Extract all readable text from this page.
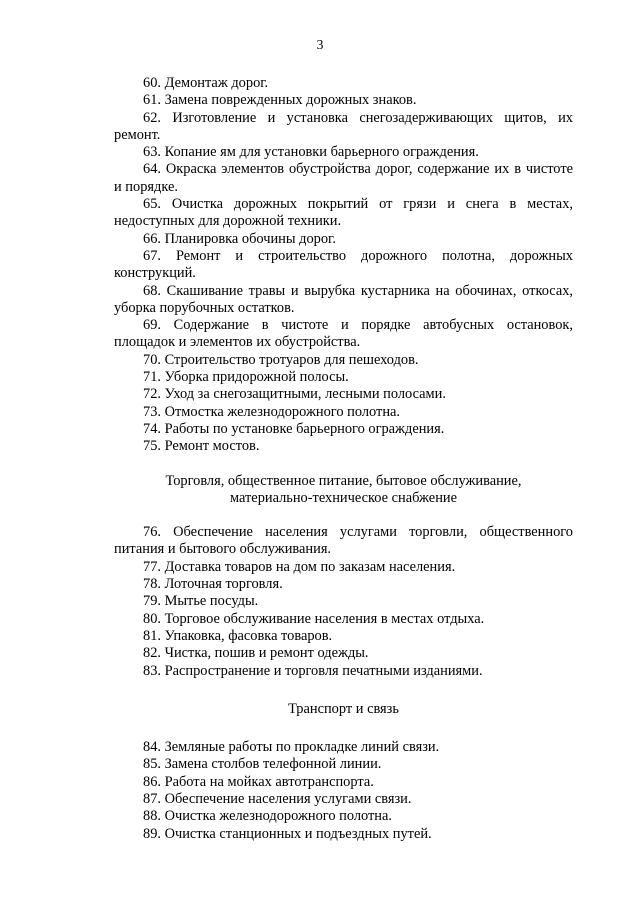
3
60. Демонтаж дорог.
61. Замена поврежденных дорожных знаков.
62. Изготовление и установка снегозадерживающих щитов, их ремонт.
63. Копание ям для установки барьерного ограждения.
64. Окраска элементов обустройства дорог, содержание их в чистоте и порядке.
65. Очистка дорожных покрытий от грязи и снега в местах, недоступных для дорожной техники.
66. Планировка обочины дорог.
67. Ремонт и строительство дорожного полотна, дорожных конструкций.
68. Скашивание травы и вырубка кустарника на обочинах, откосах, уборка порубочных остатков.
69. Содержание в чистоте и порядке автобусных остановок, площадок и элементов их обустройства.
70. Строительство тротуаров для пешеходов.
71. Уборка придорожной полосы.
72. Уход за снегозащитными, лесными полосами.
73. Отмостка железнодорожного полотна.
74. Работы по установке барьерного ограждения.
75. Ремонт мостов.
Торговля, общественное питание, бытовое обслуживание,
материально-техническое снабжение
76. Обеспечение населения услугами торговли, общественного питания и бытового обслуживания.
77. Доставка товаров на дом по заказам населения.
78. Лоточная торговля.
79. Мытье посуды.
80. Торговое обслуживание населения в местах отдыха.
81. Упаковка, фасовка товаров.
82. Чистка, пошив и ремонт одежды.
83. Распространение и торговля печатными изданиями.
Транспорт и связь
84. Земляные работы по прокладке линий связи.
85. Замена столбов телефонной линии.
86. Работа на мойках автотранспорта.
87. Обеспечение населения услугами связи.
88. Очистка железнодорожного полотна.
89. Очистка станционных и подъездных путей.
